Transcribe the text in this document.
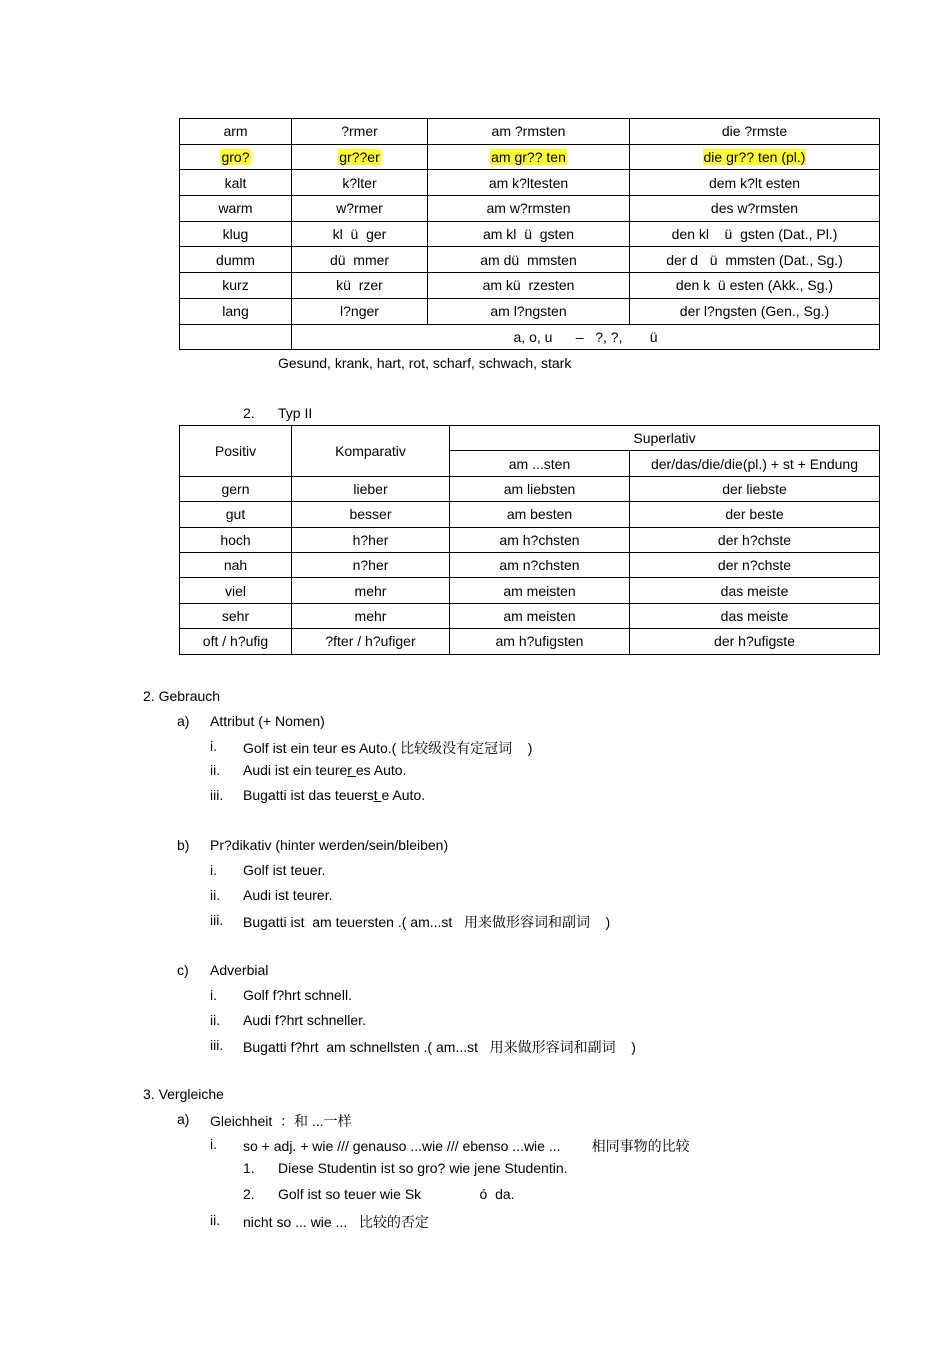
arm	?rmer	am ?rmsten	die ?rmste
gro?	gr??er	am gr?? ten	die gr?? ten (pl.)
kalt	k?lter	am k?ltesten	dem k?lt esten
warm	w?rmer	am w?rmsten	des w?rmsten
klug	kl  ü  ger	am kl  ü  gsten	den kl    ü  gsten (Dat., Pl.)
dumm	dü  mmer	am dü  mmsten	der d   ü  mmsten (Dat., Sg.)
kurz	kü  rzer	am kü  rzesten	den k  ü esten (Akk., Sg.)
lang	l?nger	am l?ngsten	der l?ngsten (Gen., Sg.)
	a, o, u      –   ?, ?,       ü		
Gesund, krank, hart, rot, scharf, schwach, stark
2. Typ II
Positiv	Komparativ	Superlativ	
		am ...sten	der/das/die/die(pl.) + st + Endung
gern	lieber	am liebsten	der liebste
gut	besser	am besten	der beste
hoch	h?her	am h?chsten	der h?chste
nah	n?her	am n?chsten	der n?chste
viel	mehr	am meisten	das meiste
sehr	mehr	am meisten	das meiste
oft / h?ufig	?fter / h?ufiger	am h?ufigsten	der h?ufigste
2. Gebrauch
a) Attribut (+ Nomen)
i. Golf ist ein teur es Auto.( 比较级没有定冠词    )
ii. Audi ist ein teurer es Auto.
iii. Bugatti ist das teuerst e Auto.
b) Pr?dikativ (hinter werden/sein/bleiben)
i. Golf ist teuer.
ii. Audi ist teurer.
iii. Bugatti ist  am teuersten .( am...st   用来做形容词和副词    )
c) Adverbial
i. Golf f?hrt schnell.
ii. Audi f?hrt schneller.
iii. Bugatti f?hrt  am schnellsten .( am...st   用来做形容词和副词    )
3. Vergleiche
a) Gleichheit  ：和 ...一样
i. so + adj. + wie /// genauso ...wie /// ebenso ...wie ...        相同事物的比较
1. Diese Studentin ist so gro? wie jene Studentin.
2. Golf ist so teuer wie Sk               ó  da.
ii. nicht so ... wie ...   比较的否定
